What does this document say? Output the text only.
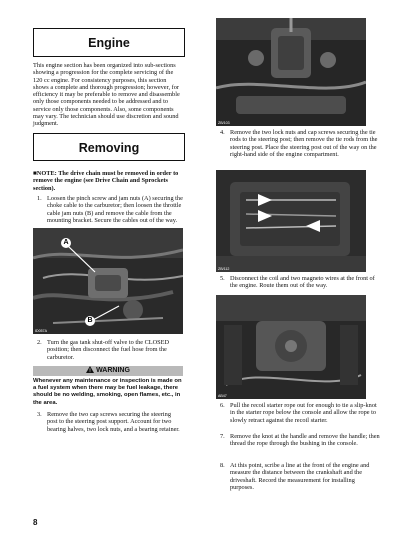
Engine
This engine section has been organized into sub-sections showing a progression for the complete servicing of the 120 cc engine. For consistency purposes, this section shows a complete and thorough progression; however, for efficiency it may be preferable to remove and disassemble only those components needed to be addressed and to service only those components. Also, some components may vary. The technician should use discretion and sound judgment.
Removing
■NOTE: The drive chain must be removed in order to remove the engine (see Drive Chain and Sprockets section).
1. Loosen the pinch screw and jam nuts (A) securing the choke cable to the carburetor; then loosen the throttle cable jam nuts (B) and remove the cable from the mounting bracket. Secure the cables out of the way.
A
B
ID057A
2. Turn the gas tank shut-off valve to the CLOSED position; then disconnect the fuel hose from the carburetor.
WARNING
Whenever any maintenance or inspection is made on a fuel system when there may be fuel leakage, there should be no welding, smoking, open flames, etc., in the area.
3. Remove the two cap screws securing the steering post to the steering post support. Account for two bearing halves, two lock nuts, and a bearing retainer.
8
ZB/103
4. Remove the two lock nuts and cap screws securing the tie rods to the steering post; then remove the tie rods from the steering post. Place the steering post out of the way on the right-hand side of the engine compartment.
ZB/112
5. Disconnect the coil and two magneto wires at the front of the engine. Route them out of the way.
AB47
6. Pull the recoil starter rope out for enough to tie a slip-knot in the starter rope below the console and allow the rope to slowly retract against the recoil starter.
7. Remove the knot at the handle and remove the handle; then thread the rope through the bushing in the console.
8. At this point, scribe a line at the front of the engine and measure the distance between the crankshaft and the driveshaft. Record the measurement for installing purposes.
